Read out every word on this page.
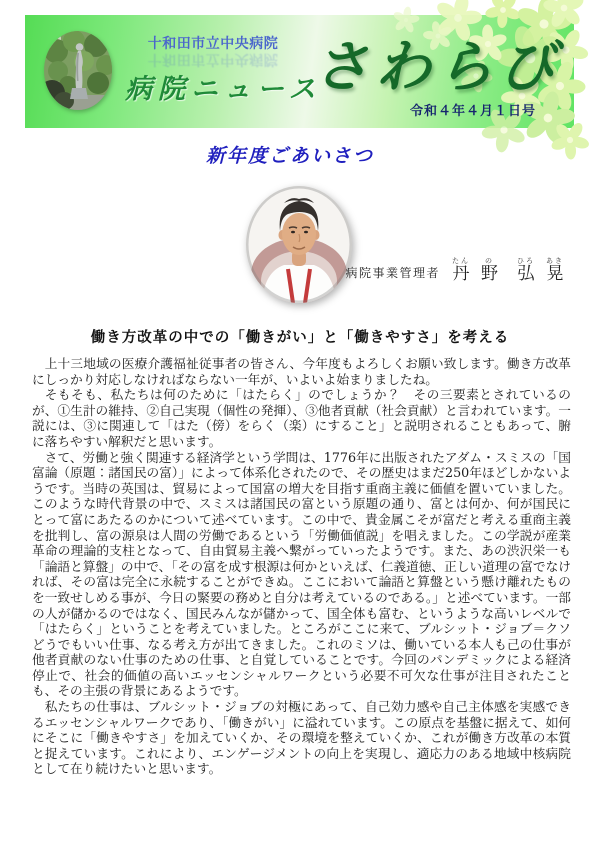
十和田市立中央病院
十和田市立中央病院
病院ニュース
さわらび
令和４年４月１日号
新年度ごあいさつ
病院事業管理者 丹たん
野の
弘ひろ
晃あき
働き方改革の中での「働きがい」と「働きやすさ」を考える

上十三地域の医療介護福祉従事者の皆さん、今年度もよろしくお願い致します。働き方改革にしっかり対応しなければならない一年が、いよいよ始まりましたね。

そもそも、私たちは何のために「はたらく」のでしょうか？　その三要素とされているのが、①生計の維持、②自己実現（個性の発揮）、③他者貢献（社会貢献）と言われています。一説には、③に関連して「はた（傍）をらく（楽）にすること」と説明されることもあって、腑に落ちやすい解釈だと思います。

さて、労働と強く関連する経済学という学問は、1776年に出版されたアダム・スミスの「国富論（原題：諸国民の富）」によって体系化されたので、その歴史はまだ250年ほどしかないようです。当時の英国は、貿易によって国富の増大を目指す重商主義に価値を置いていました。このような時代背景の中で、スミスは諸国民の富という原題の通り、富とは何か、何が国民にとって富にあたるのかについて述べています。この中で、貴金属こそが富だと考える重商主義を批判し、富の源泉は人間の労働であるという「労働価値説」を唱えました。この学説が産業革命の理論的支柱となって、自由貿易主義へ繋がっていったようです。また、あの渋沢栄一も「論語と算盤」の中で、「その富を成す根源は何かといえば、仁義道徳、正しい道理の富でなければ、その富は完全に永続することができぬ。ここにおいて論語と算盤という懸け離れたものを一致せしめる事が、今日の緊要の務めと自分は考えているのである。」と述べています。一部の人が儲かるのではなく、国民みんなが儲かって、国全体も富む、というような高いレベルで「はたらく」ということを考えていました。ところがここに来て、ブルシット・ジョブ＝クソどうでもいい仕事、なる考え方が出てきました。これのミソは、働いている本人も己の仕事が他者貢献のない仕事のための仕事、と自覚していることです。今回のパンデミックによる経済停止で、社会的価値の高いエッセンシャルワークという必要不可欠な仕事が注目されたことも、その主張の背景にあるようです。

私たちの仕事は、ブルシット・ジョブの対極にあって、自己効力感や自己主体感を実感できるエッセンシャルワークであり、「働きがい」に溢れています。この原点を基盤に据えて、如何にそこに「働きやすさ」を加えていくか、その環境を整えていくか、これが働き方改革の本質と捉えています。これにより、エンゲージメントの向上を実現し、適応力のある地域中核病院として在り続けたいと思います。
